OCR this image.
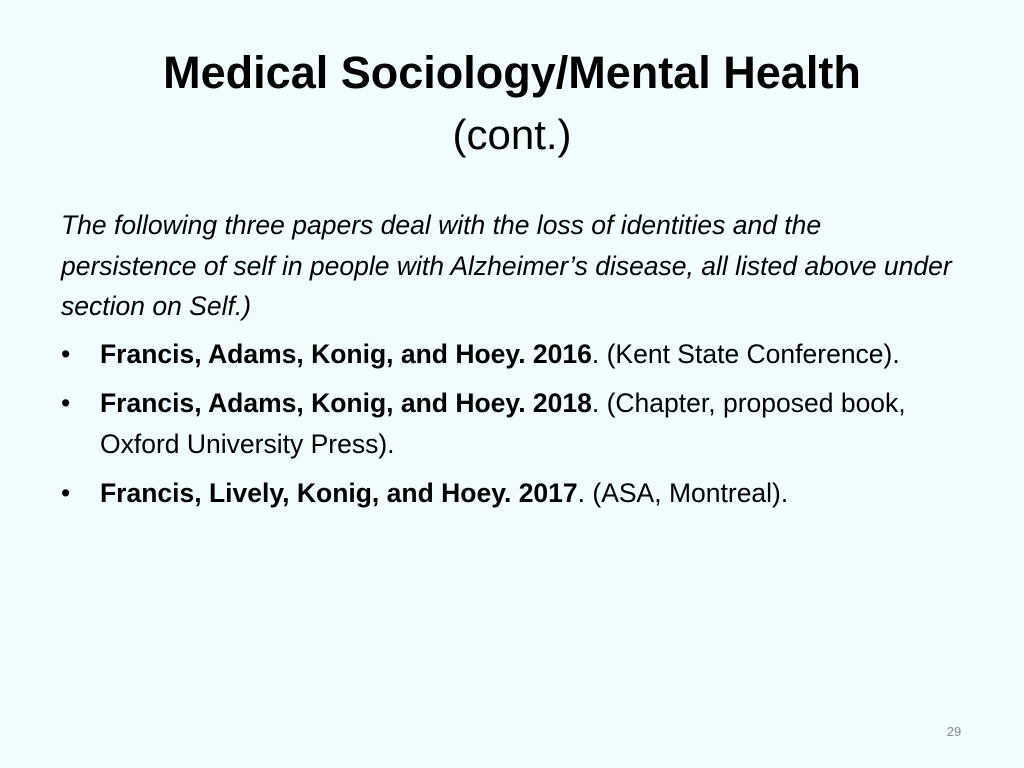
Medical Sociology/Mental Health
(cont.)

The following three papers deal with the loss of identities and the persistence of self in people with Alzheimer’s disease, all listed above under section on Self.)

• Francis, Adams, Konig, and Hoey. 2016. (Kent State Conference).
• Francis, Adams, Konig, and Hoey. 2018. (Chapter, proposed book, Oxford University Press).
• Francis, Lively, Konig, and Hoey. 2017. (ASA, Montreal).
29
